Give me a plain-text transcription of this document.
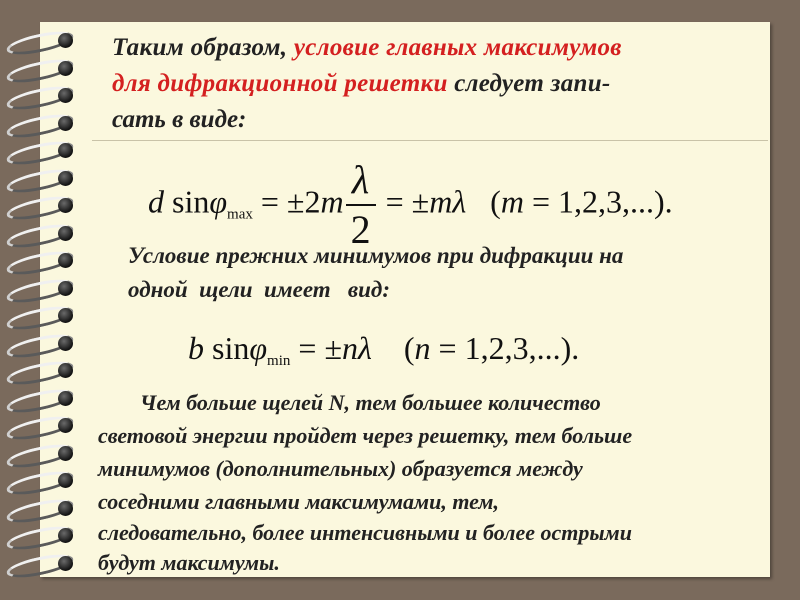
Таким образом, условие главных максимумов

для дифракционной решетки следует запи-

сать в виде:

d $\sin\varphi_{max} = \pm 2m \frac{\lambda}{2} = \pm m\lambda$   (m = 1,2,3,...).

Условие прежних минимумов при дифракции на

одной  щели  имеет   вид:

b sinφ$_{min}$ = ±nλ    (n = 1,2,3,...).

Чем больше щелей N, тем большее количество

световой энергии пройдет через решетку, тем больше

минимумов (дополнительных) образуется между

соседними главными максимумами, тем,

следовательно, более интенсивными и более острыми

будут максимумы.
